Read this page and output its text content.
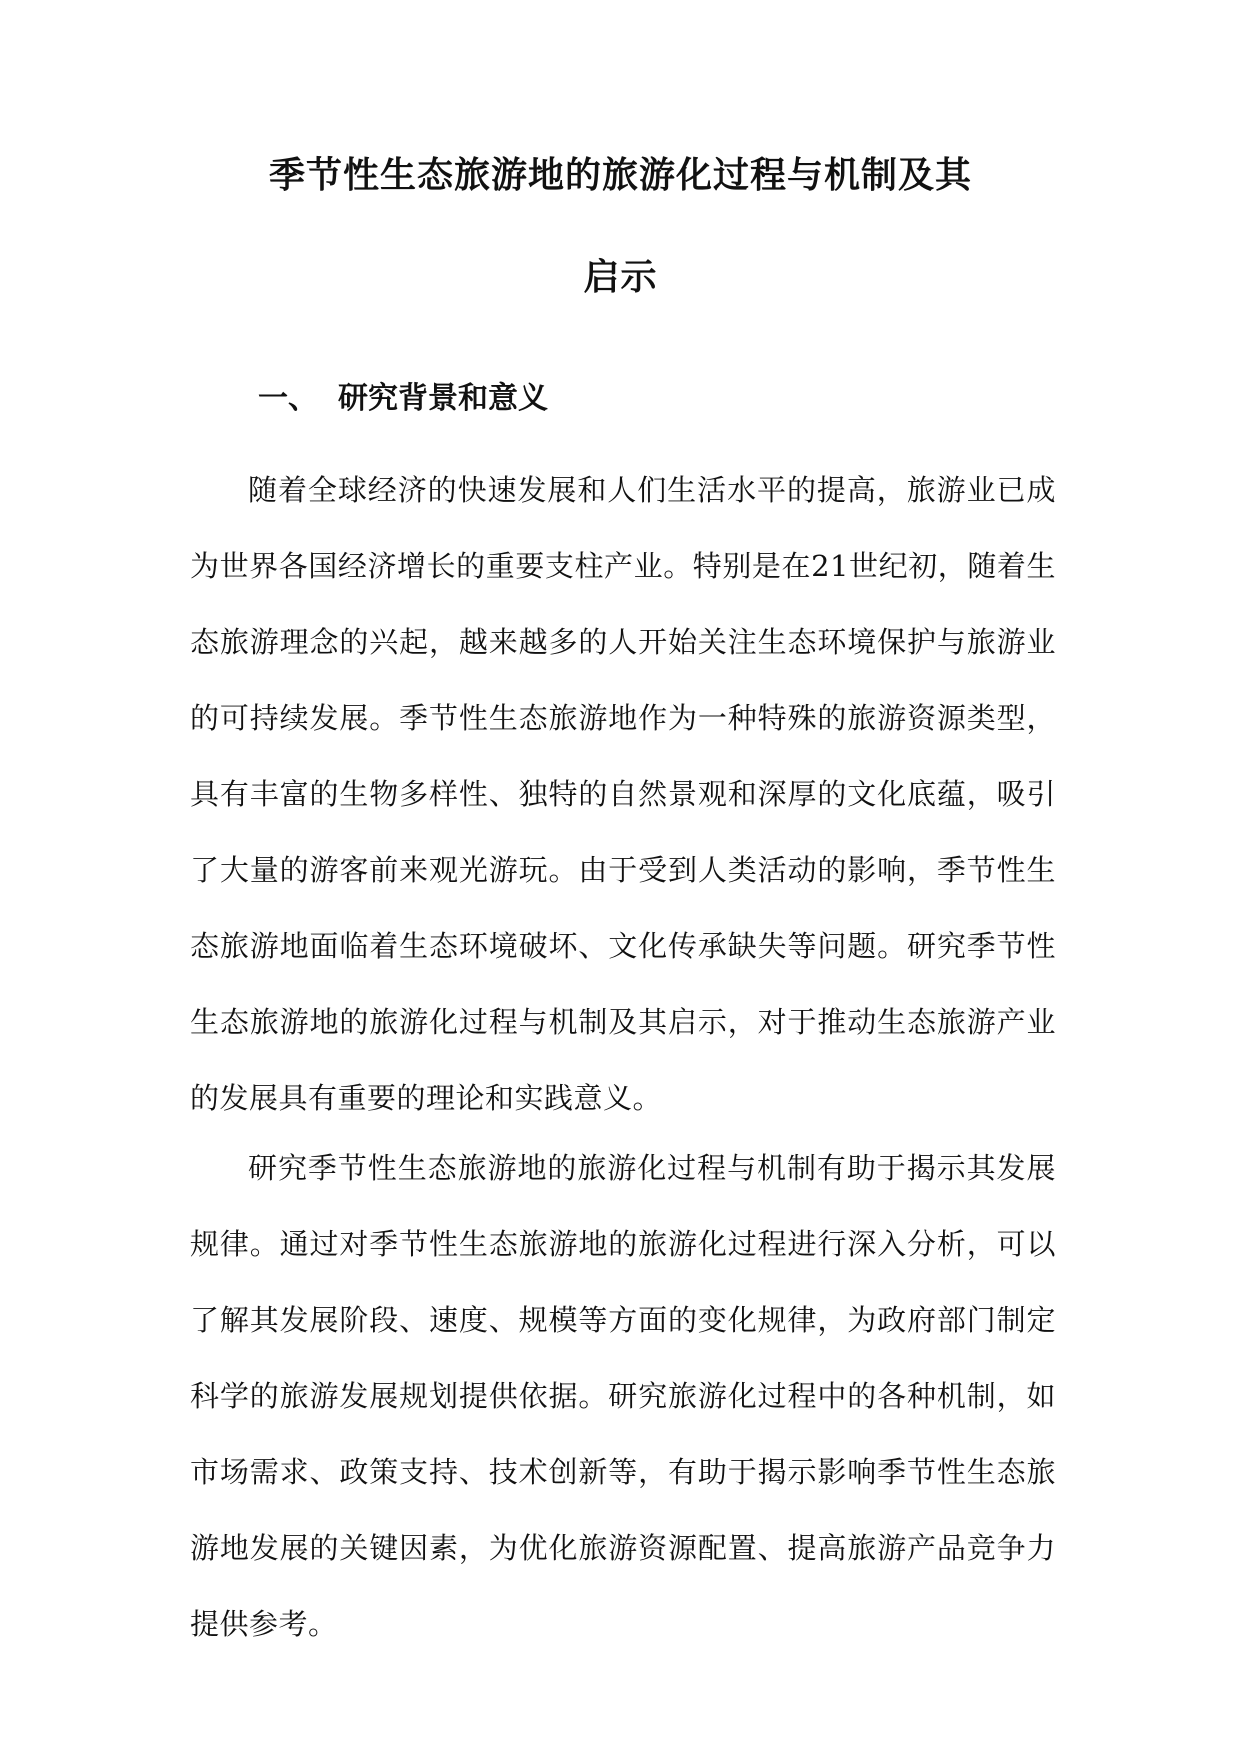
季节性生态旅游地的旅游化过程与机制及其
启示
一、 研究背景和意义

随着全球经济的快速发展和人们生活水平的提高，旅游业已成为世界各国经济增长的重要支柱产业。特别是在21世纪初，随着生态旅游理念的兴起，越来越多的人开始关注生态环境保护与旅游业的可持续发展。季节性生态旅游地作为一种特殊的旅游资源类型，具有丰富的生物多样性、独特的自然景观和深厚的文化底蕴，吸引了大量的游客前来观光游玩。由于受到人类活动的影响，季节性生态旅游地面临着生态环境破坏、文化传承缺失等问题。研究季节性生态旅游地的旅游化过程与机制及其启示，对于推动生态旅游产业的发展具有重要的理论和实践意义。

研究季节性生态旅游地的旅游化过程与机制有助于揭示其发展规律。通过对季节性生态旅游地的旅游化过程进行深入分析，可以了解其发展阶段、速度、规模等方面的变化规律，为政府部门制定科学的旅游发展规划提供依据。研究旅游化过程中的各种机制，如市场需求、政策支持、技术创新等，有助于揭示影响季节性生态旅游地发展的关键因素，为优化旅游资源配置、提高旅游产品竞争力提供参考。
